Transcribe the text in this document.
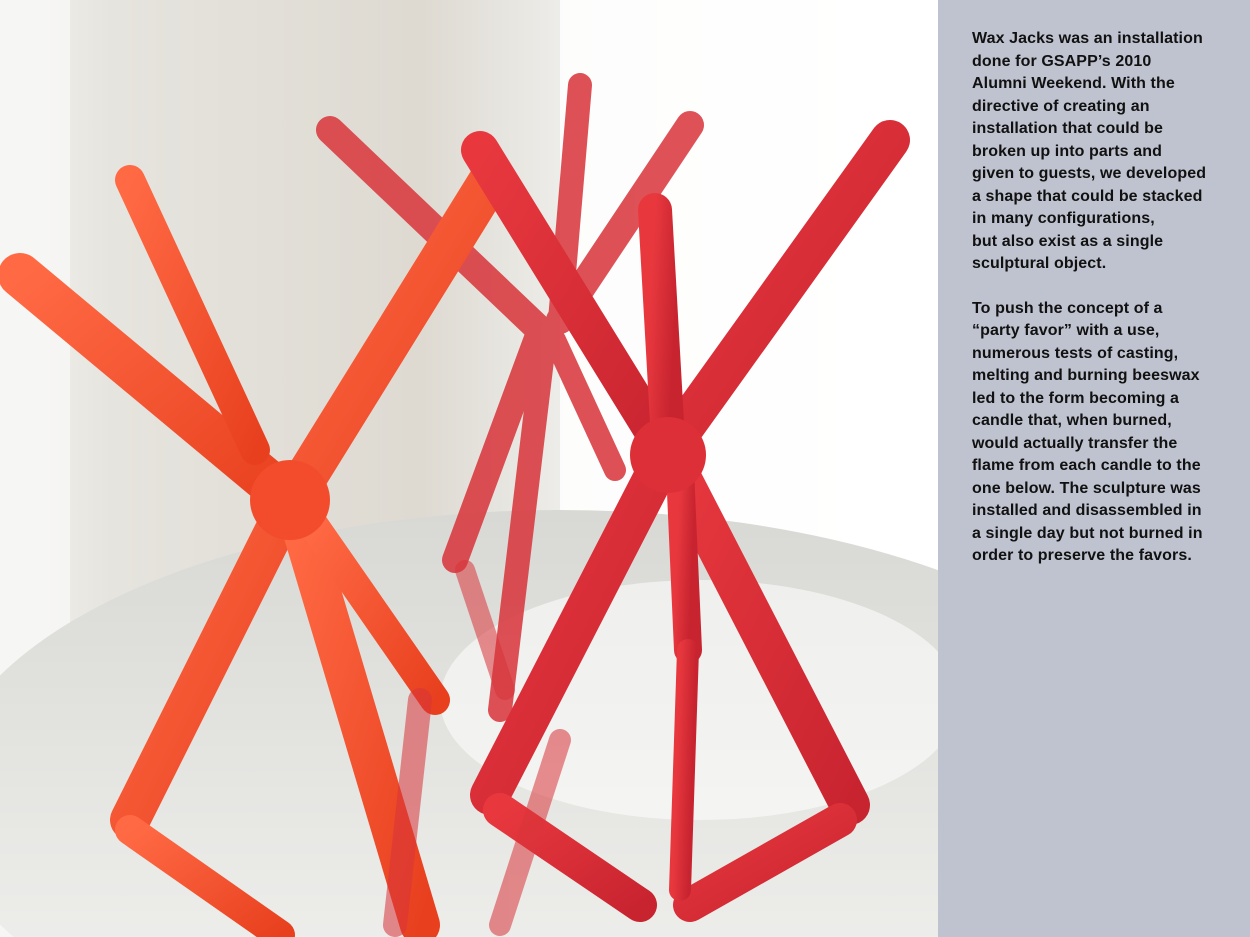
Wax Jacks was an installation
done for GSAPP’s 2010
Alumni Weekend. With the
directive of creating an
installation that could be
broken up into parts and
given to guests, we developed
a shape that could be stacked
in many configurations,
but also exist as a single
sculptural object.

To push the concept of a
“party favor” with a use,
numerous tests of casting,
melting and burning beeswax
led to the form becoming a
candle that, when burned,
would actually transfer the
flame from each candle to the
one below. The sculpture was
installed and disassembled in
a single day but not burned in
order to preserve the favors.
